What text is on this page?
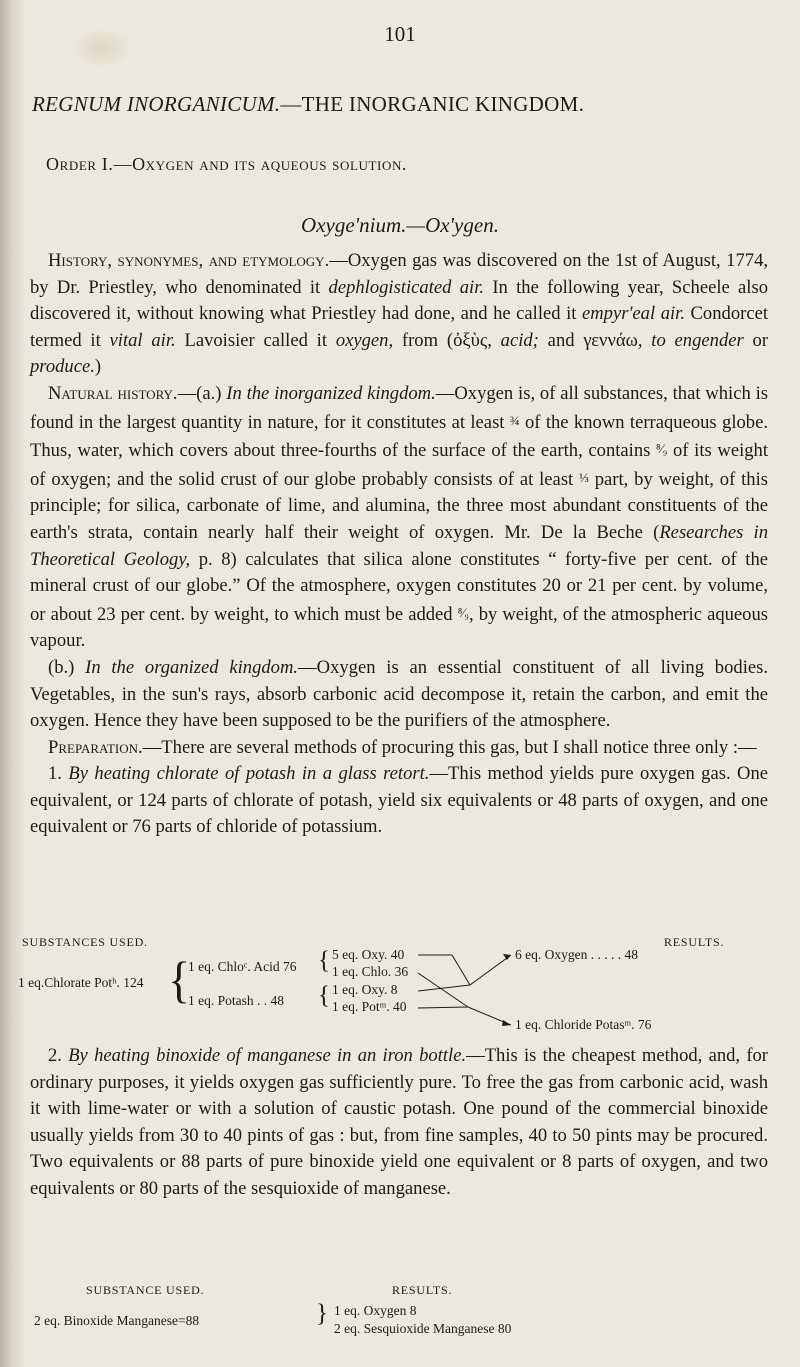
101
REGNUM INORGANICUM.—THE INORGANIC KINGDOM.
Order I.—Oxygen and its aqueous solution.
Oxyge'nium.—Ox'ygen.

History, synonymes, and etymology.—Oxygen gas was discovered on the 1st of August, 1774, by Dr. Priestley, who denominated it dephlogisticated air. In the following year, Scheele also discovered it, without knowing what Priestley had done, and he called it empyr'eal air. Condorcet termed it vital air. Lavoisier called it oxygen, from (ὀξὺς, acid; and γεννάω, to engender or produce.)

Natural history.—(a.) In the inorganized kingdom.—Oxygen is, of all substances, that which is found in the largest quantity in nature, for it constitutes at least ¾ of the known terraqueous globe. Thus, water, which covers about three-fourths of the surface of the earth, contains ⁸⁄₉ of its weight of oxygen; and the solid crust of our globe probably consists of at least ⅓ part, by weight, of this principle; for silica, carbonate of lime, and alumina, the three most abundant constituents of the earth's strata, contain nearly half their weight of oxygen. Mr. De la Beche (Researches in Theoretical Geology, p. 8) calculates that silica alone constitutes “ forty-five per cent. of the mineral crust of our globe.” Of the atmosphere, oxygen constitutes 20 or 21 per cent. by volume, or about 23 per cent. by weight, to which must be added ⁸⁄₉, by weight, of the atmospheric aqueous vapour.

(b.) In the organized kingdom.—Oxygen is an essential constituent of all living bodies. Vegetables, in the sun's rays, absorb carbonic acid decompose it, retain the carbon, and emit the oxygen. Hence they have been supposed to be the purifiers of the atmosphere.

Preparation.—There are several methods of procuring this gas, but I shall notice three only :—

1. By heating chlorate of potash in a glass retort.—This method yields pure oxygen gas. One equivalent, or 124 parts of chlorate of potash, yield six equivalents or 48 parts of oxygen, and one equivalent or 76 parts of chloride of potassium.

SUBSTANCES USED.	RESULTS.
1 eq.Chlorate Potʰ. 124 {
1 eq. Chloᶜ. Acid 76
1 eq. Potash . . 48
{
{
5 eq. Oxy. 40
1 eq. Chlo. 36
1 eq. Oxy. 8
1 eq. Potᵐ. 40
6 eq. Oxygen . . . . . 48
1 eq. Chloride Potasᵐ. 76

2. By heating binoxide of manganese in an iron bottle.—This is the cheapest method, and, for ordinary purposes, it yields oxygen gas sufficiently pure. To free the gas from carbonic acid, wash it with lime-water or with a solution of caustic potash. One pound of the commercial binoxide usually yields from 30 to 40 pints of gas : but, from fine samples, 40 to 50 pints may be procured. Two equivalents or 88 parts of pure binoxide yield one equivalent or 8 parts of oxygen, and two equivalents or 80 parts of the sesquioxide of manganese.

SUBSTANCE USED.	RESULTS.
2 eq. Binoxide Manganese=88	} 1 eq. Oxygen 8
2 eq. Sesquioxide Manganese 80
